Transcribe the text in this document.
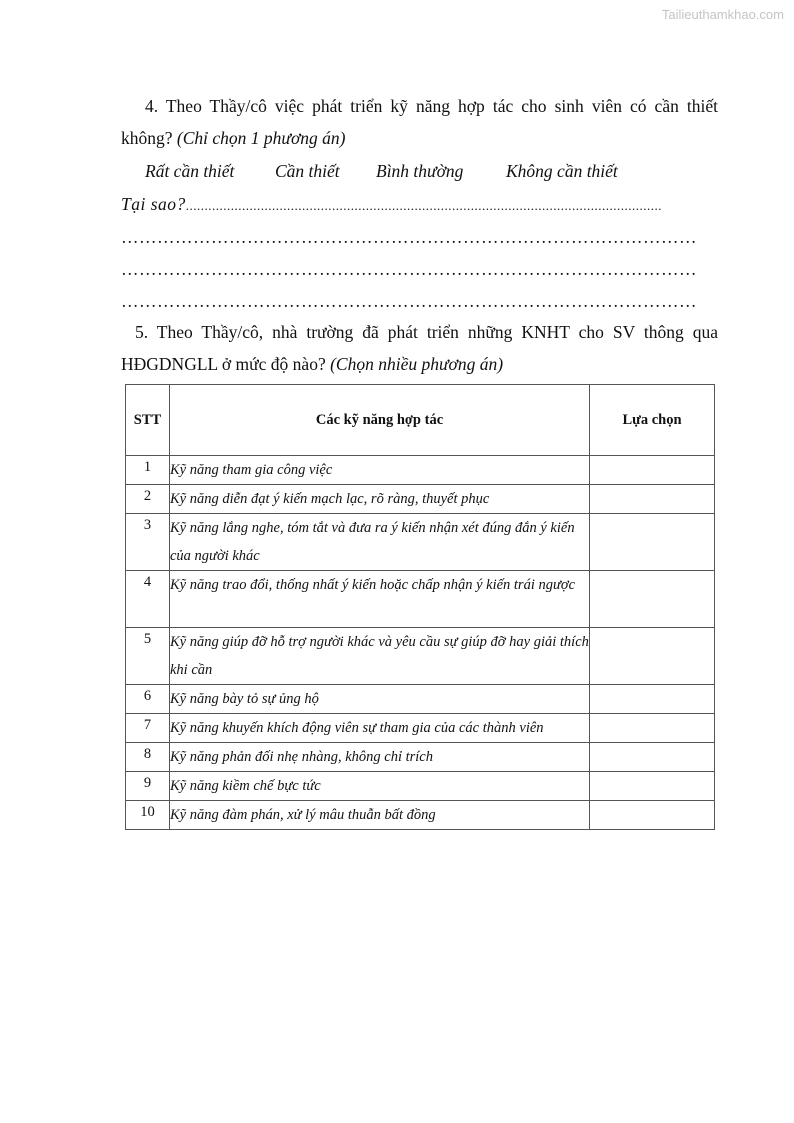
Tailieuthamkhao.com
4. Theo Thầy/cô việc phát triển kỹ năng hợp tác cho sinh viên có cần thiết
không? (Chỉ chọn 1 phương án)
Rất cần thiết Cần thiết Bình thường Không cần thiết
Tại sao?...............................................................................................................................
……………………………………………………………………………………
……………………………………………………………………………………
……………………………………………………………………………………
5. Theo Thầy/cô, nhà trường đã phát triển những KNHT cho SV thông qua
HĐGDNGLL ở mức độ nào? (Chọn nhiều phương án)
STT	Các kỹ năng hợp tác	Lựa chọn
1	Kỹ năng tham gia công việc	
2	Kỹ năng diễn đạt ý kiến mạch lạc, rõ ràng, thuyết phục	
3	Kỹ năng lắng nghe, tóm tắt và đưa ra ý kiến nhận xét đúng đắn ý kiến của người khác	
4	Kỹ năng trao đổi, thống nhất ý kiến hoặc chấp nhận ý kiến trái ngược	
5	Kỹ năng giúp đỡ hỗ trợ người khác và yêu cầu sự giúp đỡ hay giải thích khi cần	
6	Kỹ năng bày tỏ sự ủng hộ	
7	Kỹ năng khuyến khích động viên sự tham gia của các thành viên	
8	Kỹ năng phản đối nhẹ nhàng, không chỉ trích	
9	Kỹ năng kiềm chế bực tức	
10	Kỹ năng đàm phán, xử lý mâu thuẫn bất đồng	
